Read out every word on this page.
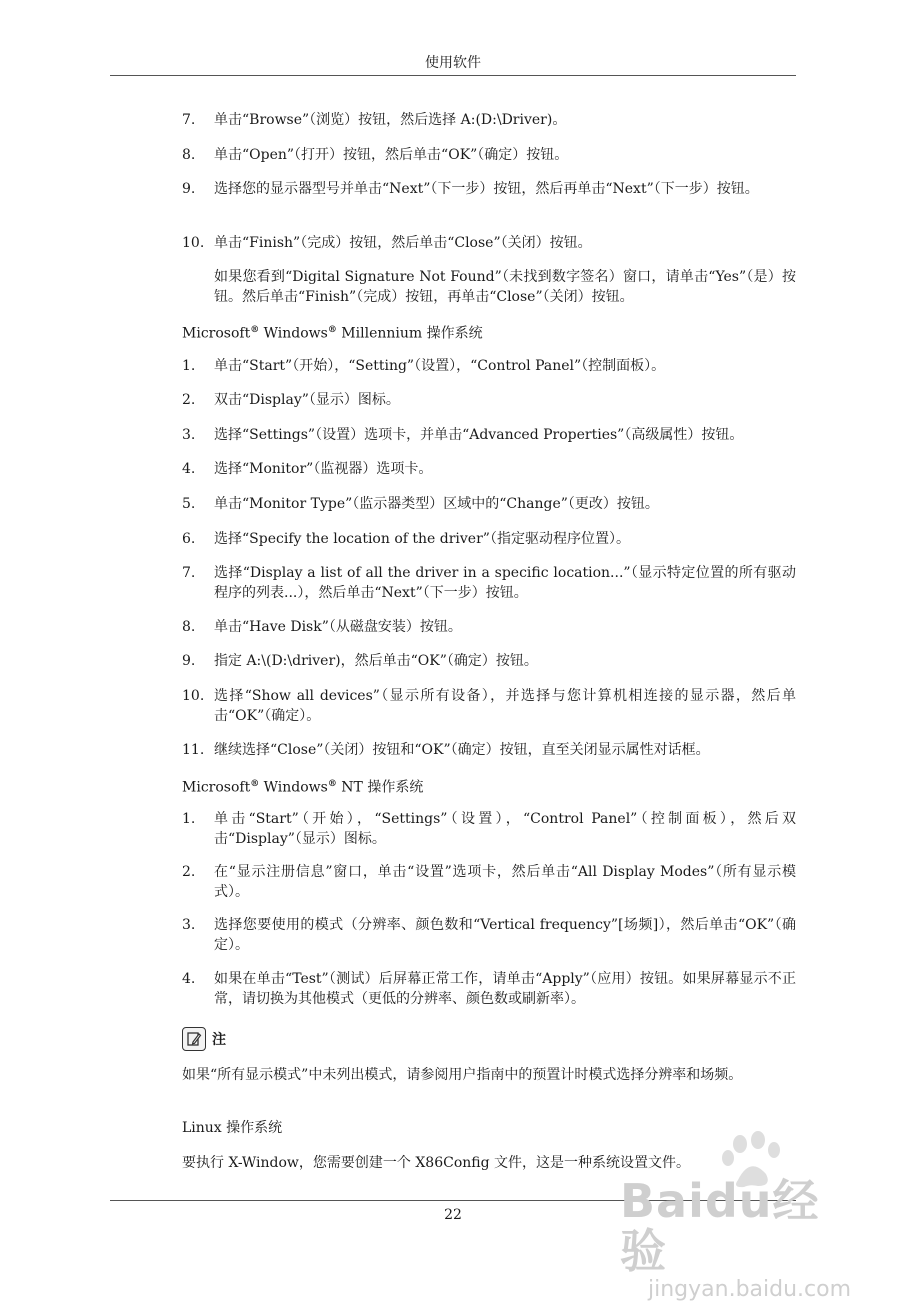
使用软件
7. 单击“Browse”（浏览）按钮，然后选择 A:(D:\Driver)。
8. 单击“Open”（打开）按钮，然后单击“OK”（确定）按钮。
9. 选择您的显示器型号并单击“Next”（下一步）按钮，然后再单击“Next”（下一步）按钮。
10. 单击“Finish”（完成）按钮，然后单击“Close”（关闭）按钮。
如果您看到“Digital Signature Not Found”（未找到数字签名）窗口，请单击“Yes”（是）按钮。然后单击“Finish”（完成）按钮，再单击“Close”（关闭）按钮。
Microsoft® Windows® Millennium 操作系统
1. 单击“Start”（开始），“Setting”（设置），“Control Panel”（控制面板）。
2. 双击“Display”（显示）图标。
3. 选择“Settings”（设置）选项卡，并单击“Advanced Properties”（高级属性）按钮。
4. 选择“Monitor”（监视器）选项卡。
5. 单击“Monitor Type”（监示器类型）区域中的“Change”（更改）按钮。
6. 选择“Specify the location of the driver”（指定驱动程序位置）。
7. 选择“Display a list of all the driver in a specific location...”（显示特定位置的所有驱动程序的列表...），然后单击“Next”（下一步）按钮。
8. 单击“Have Disk”（从磁盘安装）按钮。
9. 指定 A:\(D:\driver)，然后单击“OK”（确定）按钮。
10. 选择“Show all devices”（显示所有设备），并选择与您计算机相连接的显示器，然后单击“OK”（确定）。
11. 继续选择“Close”（关闭）按钮和“OK”（确定）按钮，直至关闭显示属性对话框。
Microsoft® Windows® NT 操作系统
1. 单击“Start”（开始），“Settings”（设置），“Control Panel”（控制面板），然后双击“Display”（显示）图标。
2. 在“显示注册信息”窗口，单击“设置”选项卡，然后单击“All Display Modes”（所有显示模式）。
3. 选择您要使用的模式（分辨率、颜色数和“Vertical frequency”[场频]），然后单击“OK”（确定）。
4. 如果在单击“Test”（测试）后屏幕正常工作，请单击“Apply”（应用）按钮。如果屏幕显示不正常，请切换为其他模式（更低的分辨率、颜色数或刷新率）。
注
如果“所有显示模式”中未列出模式，请参阅用户指南中的预置计时模式选择分辨率和场频。
Linux 操作系统
要执行 X-Window，您需要创建一个 X86Config 文件，这是一种系统设置文件。
22	Baidu经验
jingyan.baidu.com
